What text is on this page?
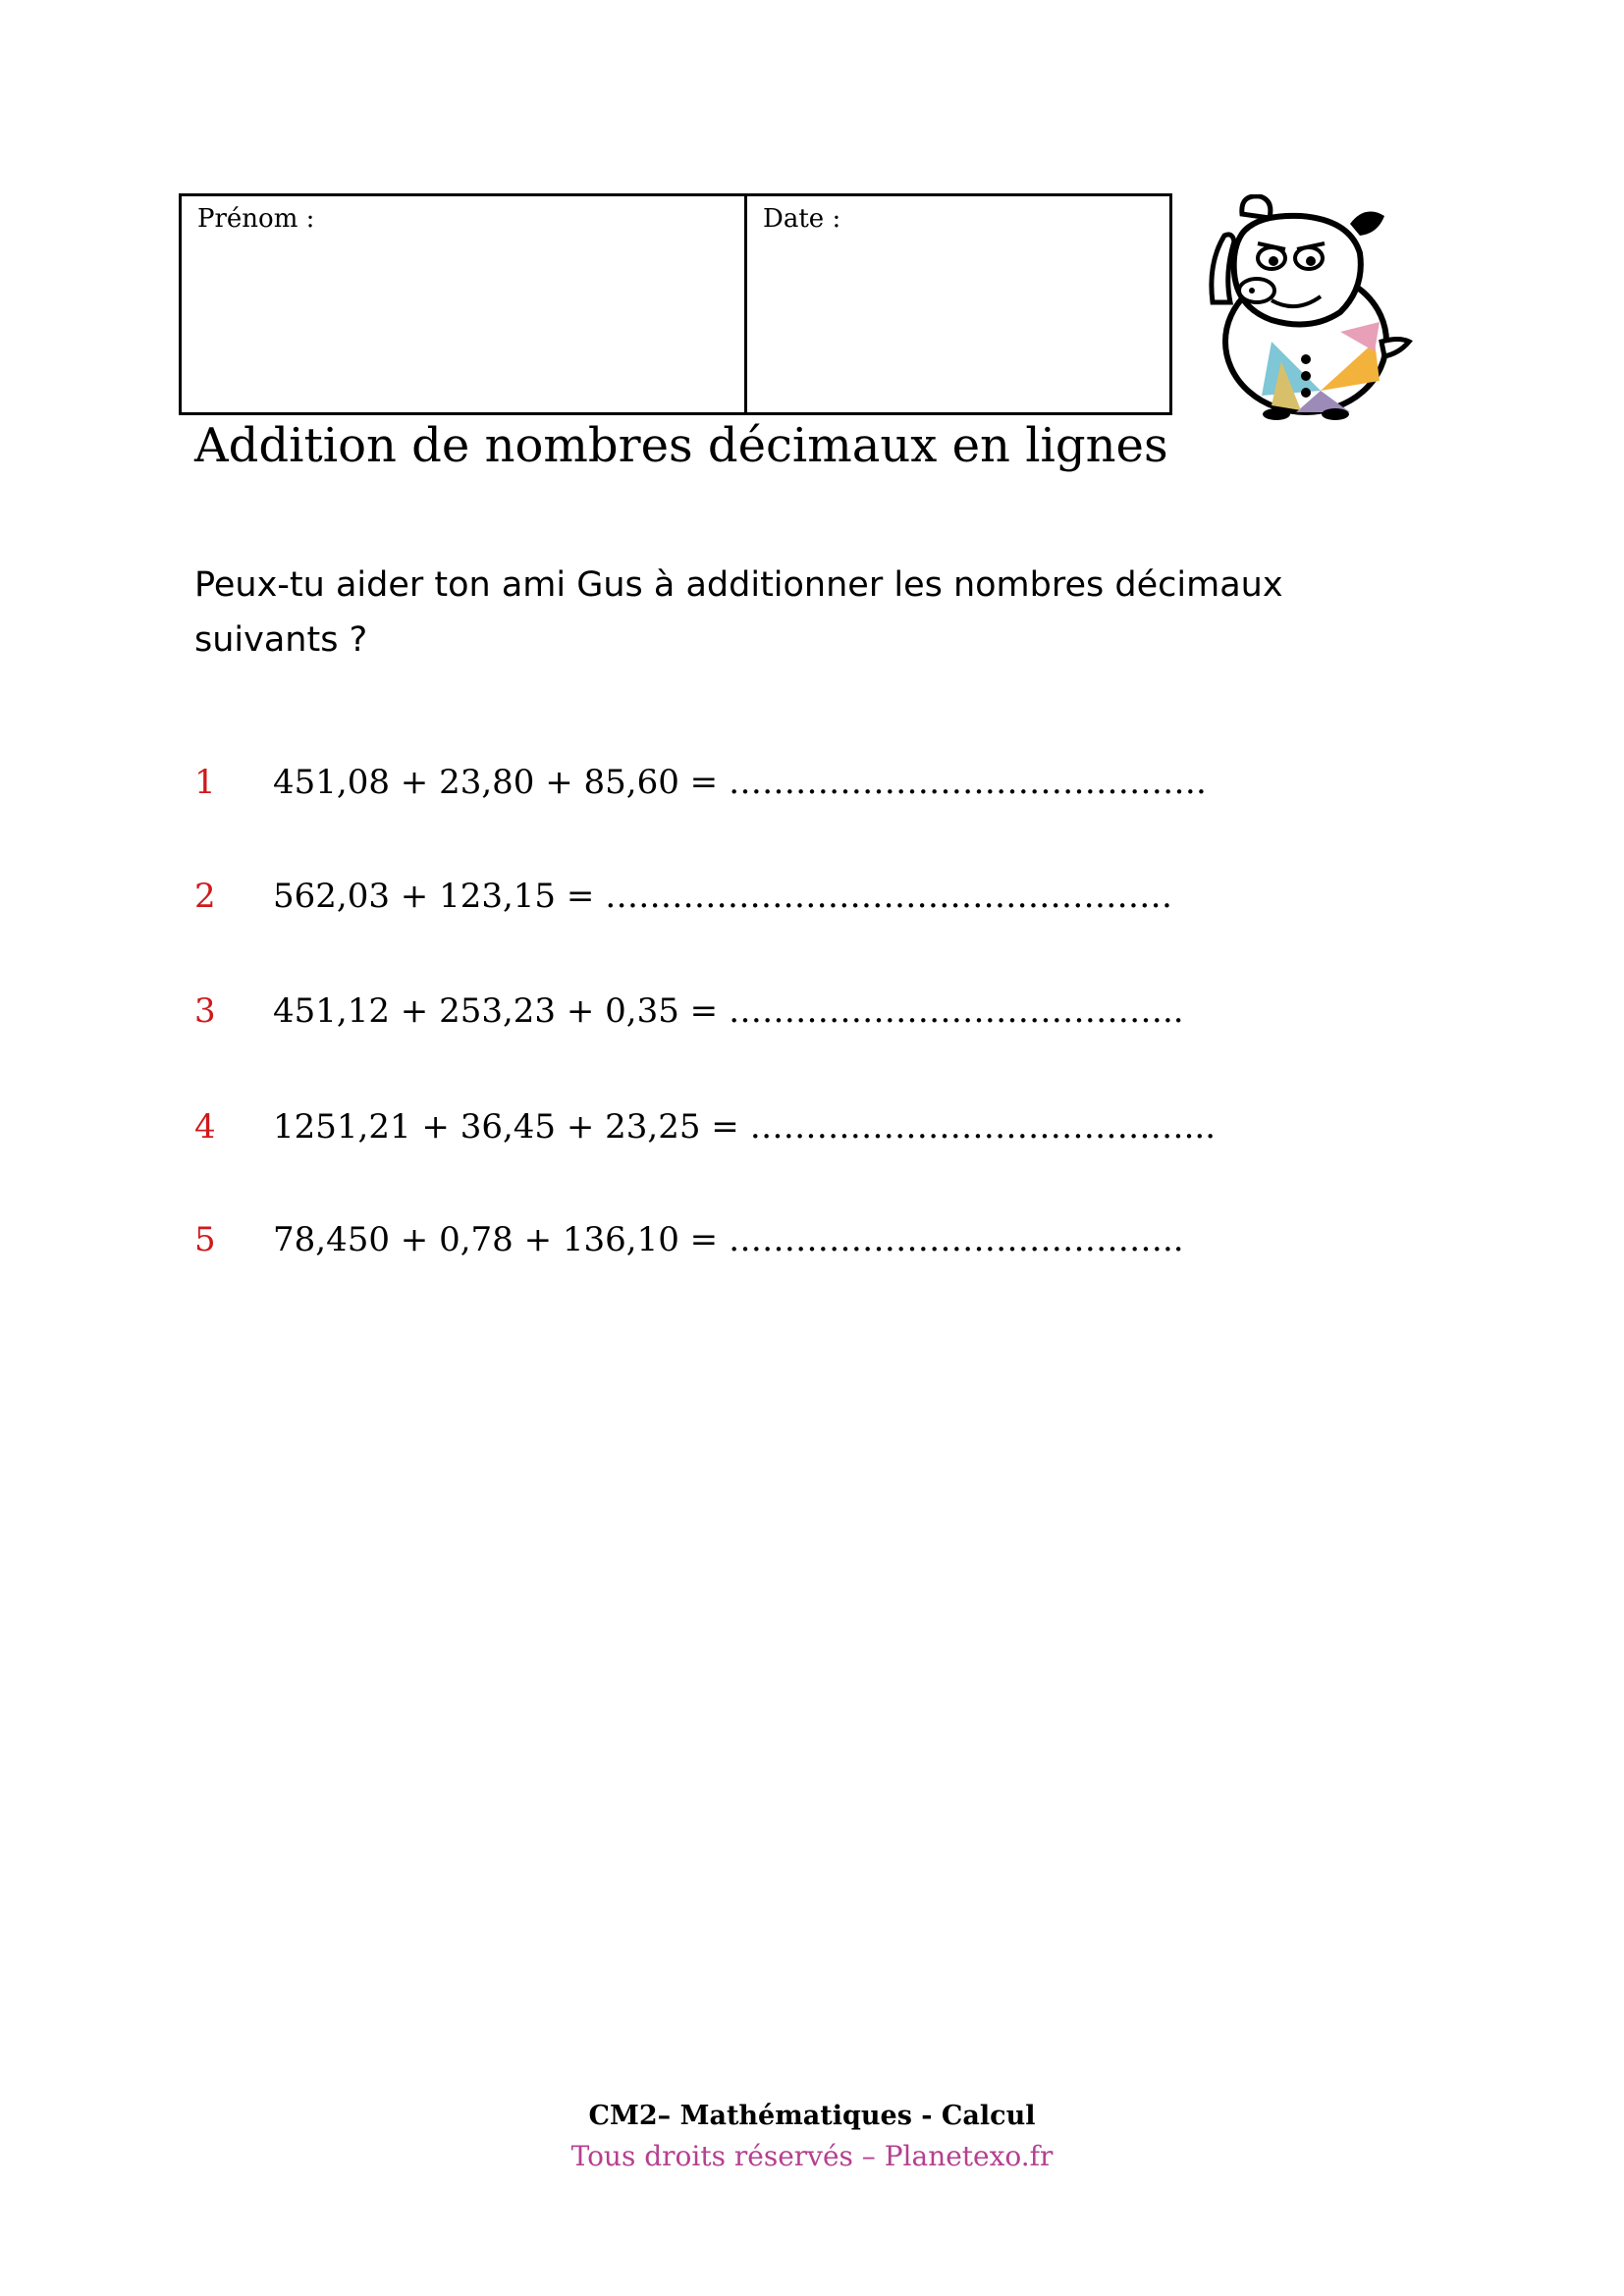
Prénom :	Date :
Addition de nombres décimaux en lignes
Peux-tu aider ton ami Gus à additionner les nombres décimaux suivants ?
1 451,08 + 23,80 + 85,60 = …………………………………….
2 562,03 + 123,15 = ……………………………………………
3 451,12 + 253,23 + 0,35 = …………………………………..
4 1251,21 + 36,45 + 23,25 = …………………………………...
5 78,450 + 0,78 + 136,10 = …………………………………..
CM2– Mathématiques - Calcul
Tous droits réservés – Planetexo.fr
